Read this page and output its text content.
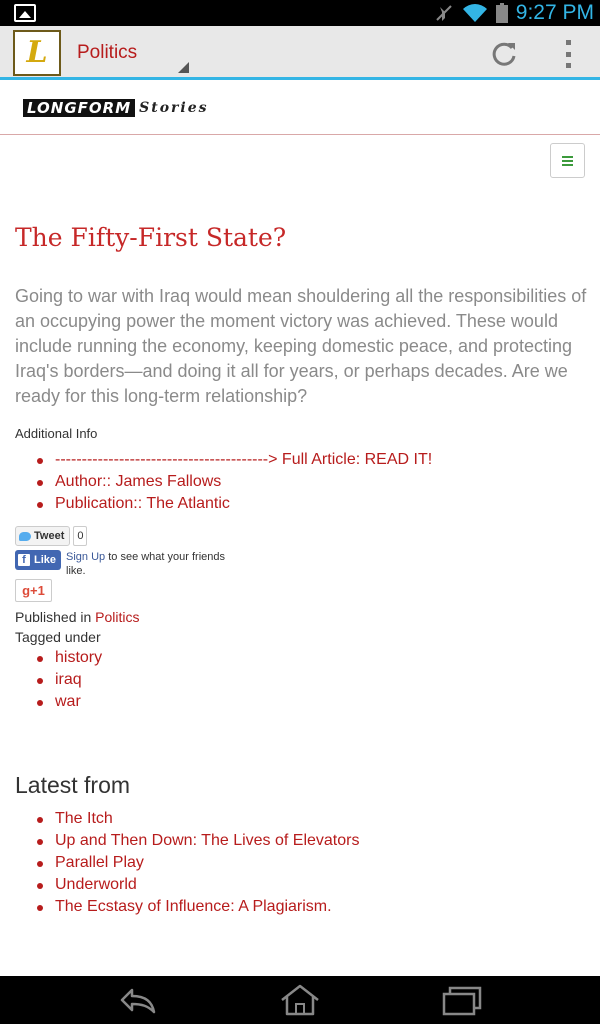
9:27 PM
L Politics
LONGFORM Stories
The Fifty-First State?

Going to war with Iraq would mean shouldering all the responsibilities of an occupying power the moment victory was achieved. These would include running the economy, keeping domestic peace, and protecting Iraq's borders—and doing it all for years, or perhaps decades. Are we ready for this long-term relationship?

Additional Info
----------------------------------------> Full Article: READ IT!
Author:: James Fallows
Publication:: The Atlantic
Tweet	0
f Like Sign Up to see what your friends like.
g+1
Published in Politics
Tagged under
history
iraq
war
Latest from
The Itch
Up and Then Down: The Lives of Elevators
Parallel Play
Underworld
The Ecstasy of Influence: A Plagiarism.
